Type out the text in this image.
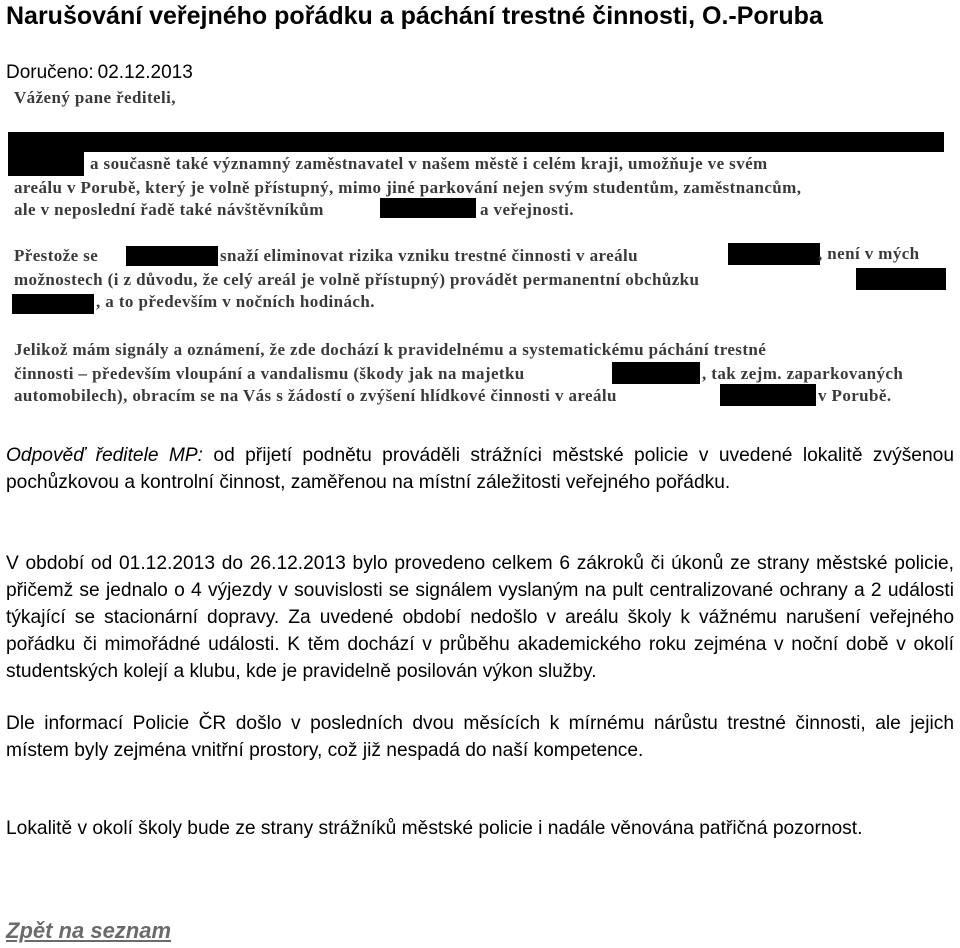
Narušování veřejného pořádku a páchání trestné činnosti, O.-Poruba
Doručeno: 02.12.2013
Vážený pane řediteli,
a současně také významný zaměstnavatel v našem městě i celém kraji, umožňuje ve svém
areálu v Porubě, který je volně přístupný, mimo jiné parkování nejen svým studentům, zaměstnancům,
ale v neposlední řadě také návštěvníkům	a veřejnosti.
Přestože se	snaží eliminovat rizika vzniku trestné činnosti v areálu	, není v mých
možnostech (i z důvodu, že celý areál je volně přístupný) provádět permanentní obchůzku
, a to především v nočních hodinách.
Jelikož mám signály a oznámení, že zde dochází k pravidelnému a systematickému páchání trestné
činnosti – především vloupání a vandalismu (škody jak na majetku	, tak zejm. zaparkovaných
automobilech), obracím se na Vás s žádostí o zvýšení hlídkové činnosti v areálu	v Porubě.

Odpověď ředitele MP: od přijetí podnětu prováděli strážníci městské policie v uvedené lokalitě zvýšenou pochůzkovou a kontrolní činnost, zaměřenou na místní záležitosti veřejného pořádku.

V období od 01.12.2013 do 26.12.2013 bylo provedeno celkem 6 zákroků či úkonů ze strany městské policie, přičemž se jednalo o 4 výjezdy v souvislosti se signálem vyslaným na pult centralizované ochrany a 2 události týkající se stacionární dopravy. Za uvedené období nedošlo v areálu školy k vážnému narušení veřejného pořádku či mimořádné události. K těm dochází v průběhu akademického roku zejména v noční době v okolí studentských kolejí a klubu, kde je pravidelně posilován výkon služby.

Dle informací Policie ČR došlo v posledních dvou měsících k mírnému nárůstu trestné činnosti, ale jejich místem byly zejména vnitřní prostory, což již nespadá do naší kompetence.

Lokalitě v okolí školy bude ze strany strážníků městské policie i nadále věnována patřičná pozornost.

Zpět na seznam
